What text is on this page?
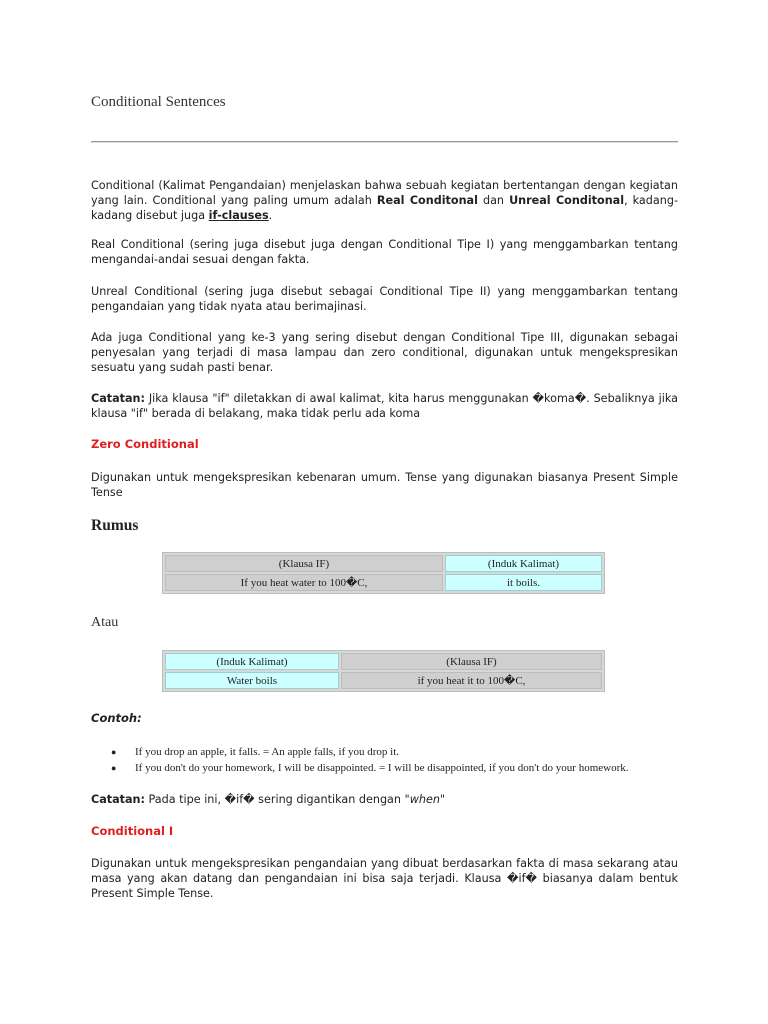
Conditional Sentences
Conditional (Kalimat Pengandaian) menjelaskan bahwa sebuah kegiatan bertentangan dengan kegiatan yang lain. Conditional yang paling umum adalah Real Conditonal dan Unreal Conditonal, kadang-kadang disebut juga if-clauses.
Real Conditional (sering juga disebut juga dengan Conditional Tipe I) yang menggambarkan tentang mengandai-andai sesuai dengan fakta.
Unreal Conditional (sering juga disebut sebagai Conditional Tipe II) yang menggambarkan tentang pengandaian yang tidak nyata atau berimajinasi.
Ada juga Conditional yang ke-3 yang sering disebut dengan Conditional Tipe III, digunakan sebagai penyesalan yang terjadi di masa lampau dan zero conditional, digunakan untuk mengekspresikan sesuatu yang sudah pasti benar.
Catatan: Jika klausa "if" diletakkan di awal kalimat, kita harus menggunakan �koma�. Sebaliknya jika klausa "if" berada di belakang, maka tidak perlu ada koma
Zero Conditional
Digunakan untuk mengekspresikan kebenaran umum. Tense yang digunakan biasanya Present Simple Tense
Rumus
(Klausa IF)	(Induk Kalimat)
If you heat water to 100�C,	it boils.
Atau
(Induk Kalimat)	(Klausa IF)
Water boils	if you heat it to 100�C,
Contoh:
● If you drop an apple, it falls. = An apple falls, if you drop it.
● If you don't do your homework, I will be disappointed. = I will be disappointed, if you don't do your homework.
Catatan: Pada tipe ini, �if� sering digantikan dengan "when"
Conditional I
Digunakan untuk mengekspresikan pengandaian yang dibuat berdasarkan fakta di masa sekarang atau masa yang akan datang dan pengandaian ini bisa saja terjadi. Klausa �if� biasanya dalam bentuk Present Simple Tense.
